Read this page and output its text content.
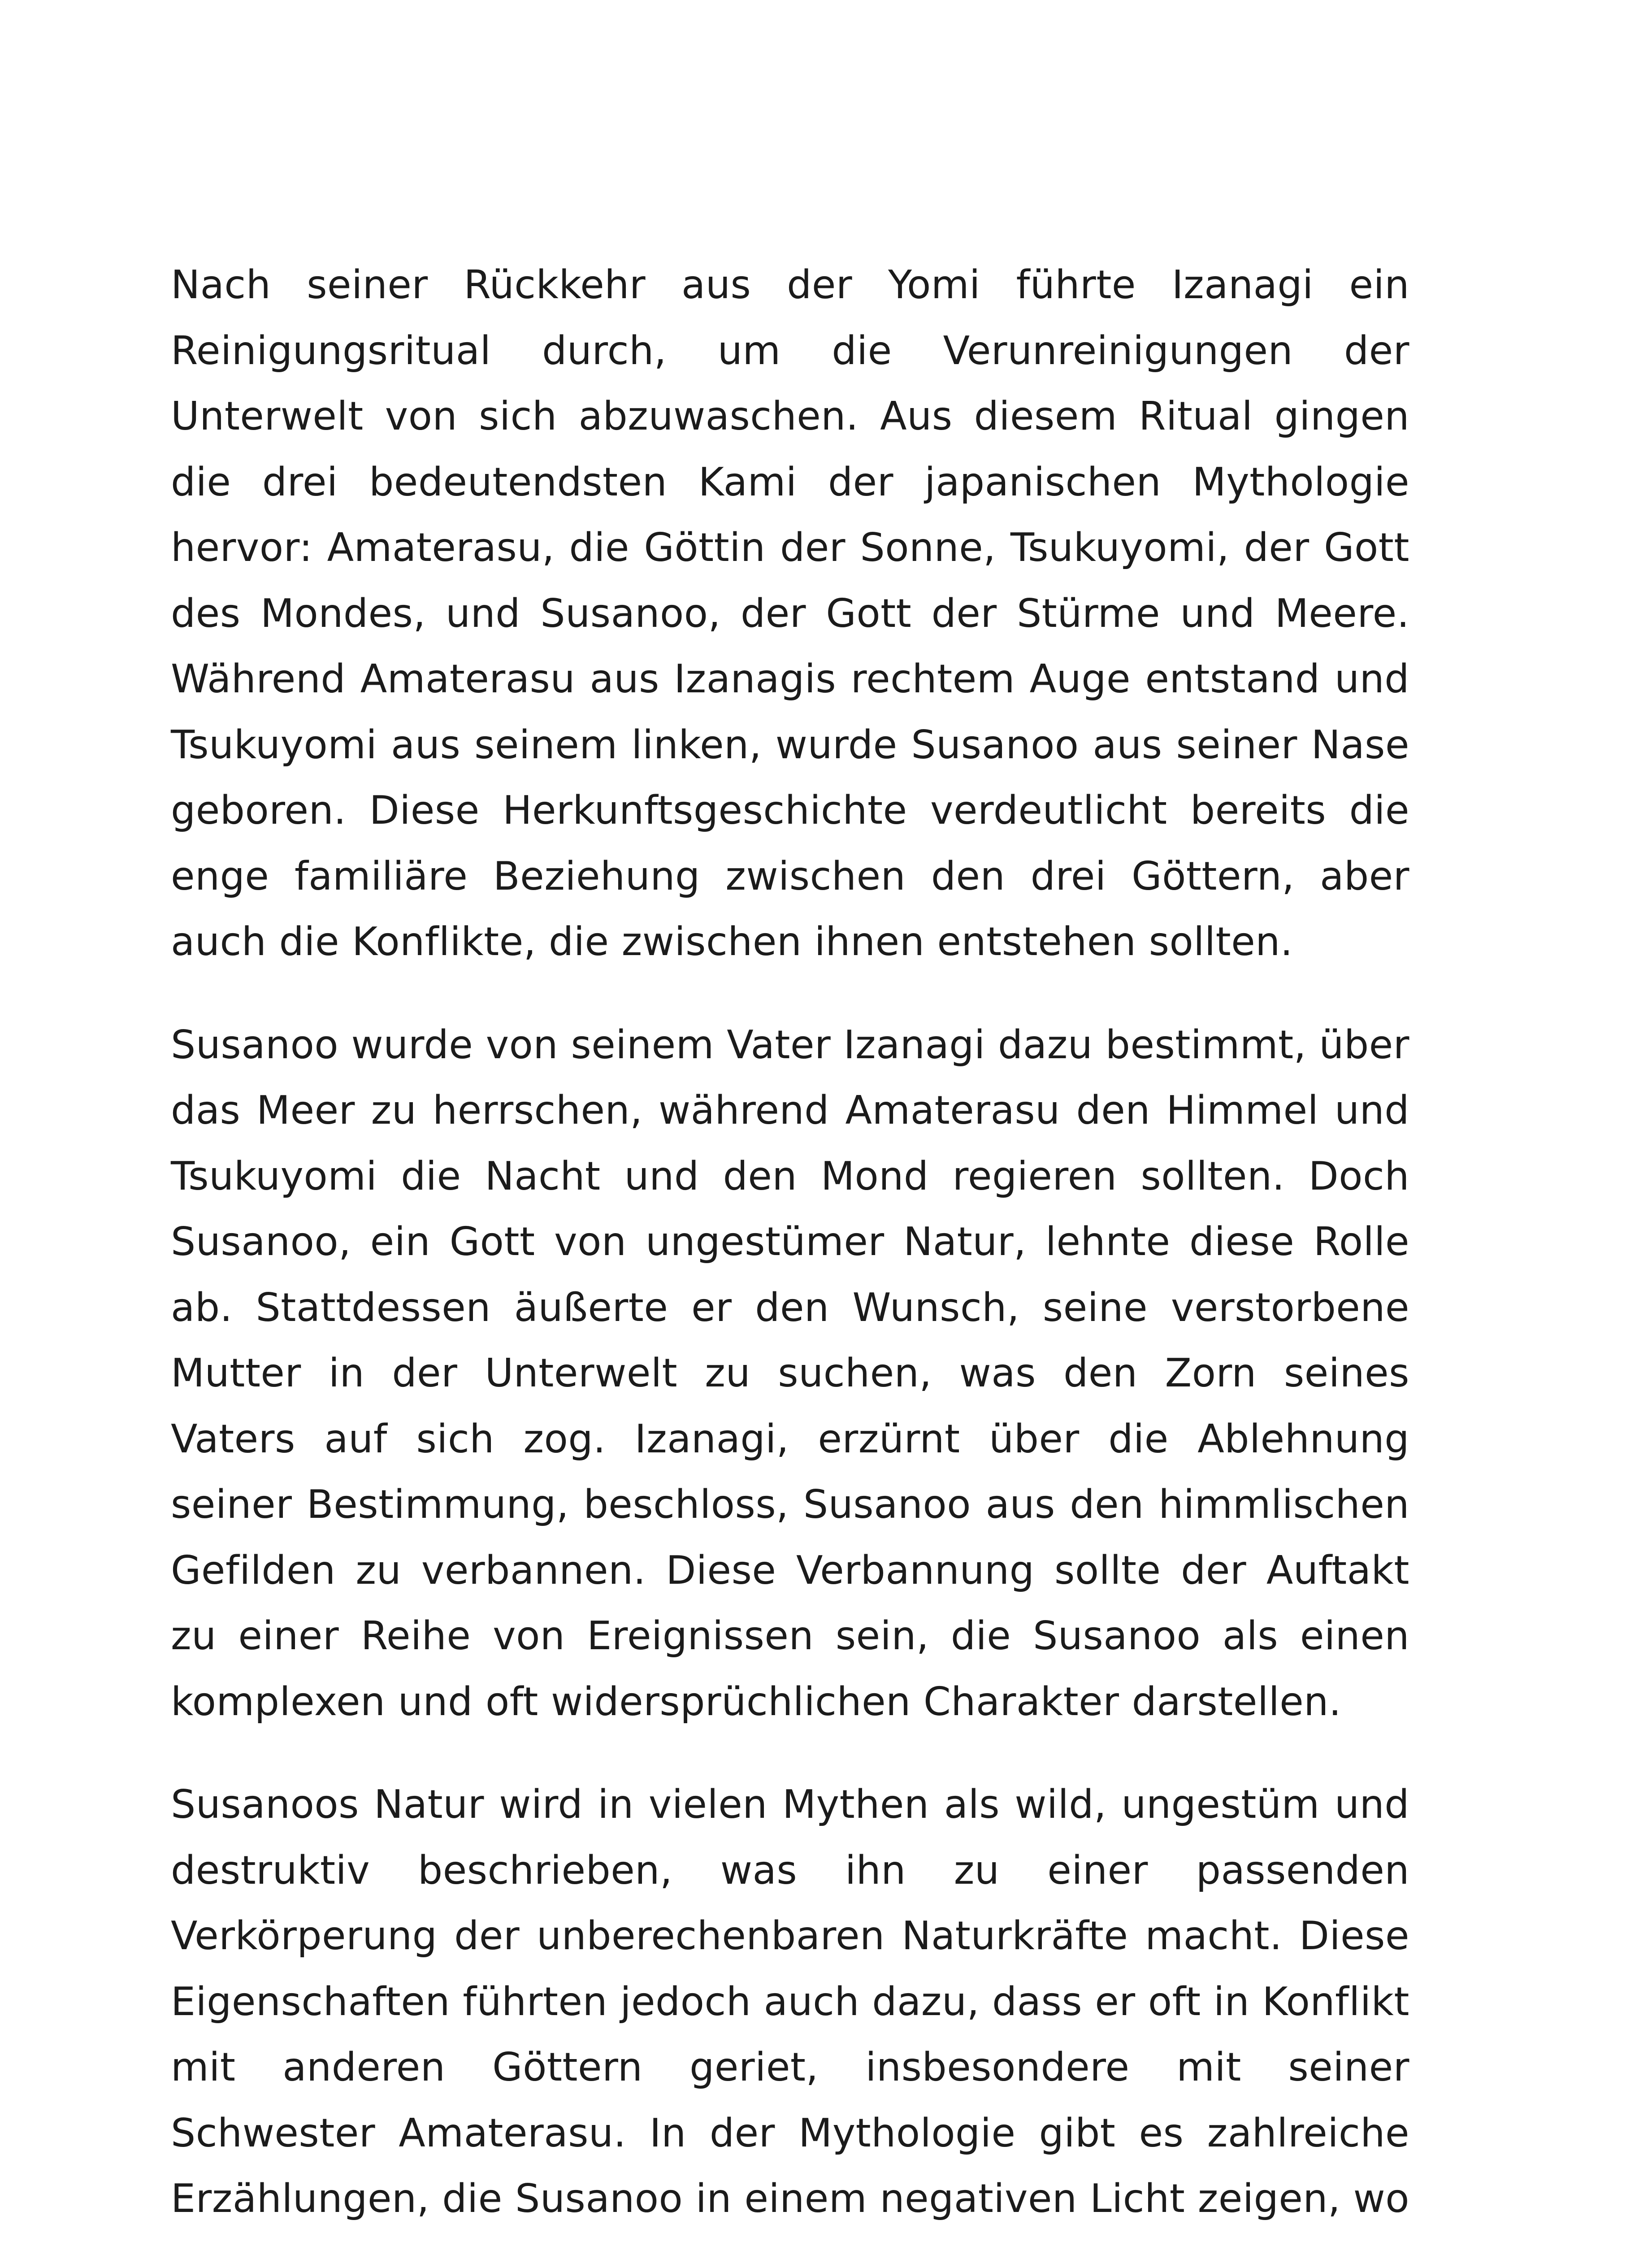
Nach seiner Rückkehr aus der Yomi führte Izanagi ein Reinigungsritual durch, um die Verunreinigungen der Unterwelt von sich abzuwaschen. Aus diesem Ritual gingen die drei bedeutendsten Kami der japanischen Mythologie hervor: Amaterasu, die Göttin der Sonne, Tsukuyomi, der Gott des Mondes, und Susanoo, der Gott der Stürme und Meere. Während Amaterasu aus Izanagis rechtem Auge entstand und Tsukuyomi aus seinem linken, wurde Susanoo aus seiner Nase geboren. Diese Herkunftsgeschichte verdeutlicht bereits die enge familiäre Beziehung zwischen den drei Göttern, aber auch die Konflikte, die zwischen ihnen entstehen sollten.

Susanoo wurde von seinem Vater Izanagi dazu bestimmt, über das Meer zu herrschen, während Amaterasu den Himmel und Tsukuyomi die Nacht und den Mond regieren sollten. Doch Susanoo, ein Gott von ungestümer Natur, lehnte diese Rolle ab. Stattdessen äußerte er den Wunsch, seine verstorbene Mutter in der Unterwelt zu suchen, was den Zorn seines Vaters auf sich zog. Izanagi, erzürnt über die Ablehnung seiner Bestimmung, beschloss, Susanoo aus den himmlischen Gefilden zu verbannen. Diese Verbannung sollte der Auftakt zu einer Reihe von Ereignissen sein, die Susanoo als einen komplexen und oft widersprüchlichen Charakter darstellen.

Susanoos Natur wird in vielen Mythen als wild, ungestüm und destruktiv beschrieben, was ihn zu einer passenden Verkörperung der unberechenbaren Naturkräfte macht. Diese Eigenschaften führten jedoch auch dazu, dass er oft in Konflikt mit anderen Göttern geriet, insbesondere mit seiner Schwester Amaterasu. In der Mythologie gibt es zahlreiche Erzählungen, die Susanoo in einem negativen Licht zeigen, wo
